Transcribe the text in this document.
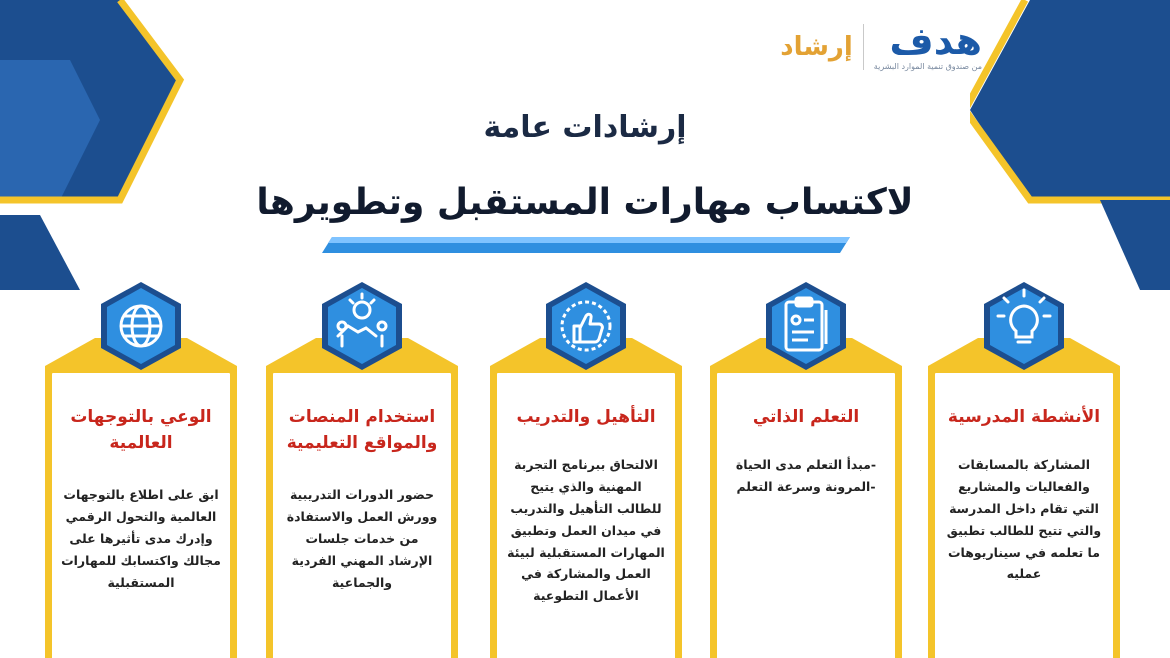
هدف
من صندوق تنمية الموارد البشرية
إرشاد
إرشادات عامة
لاكتساب مهارات المستقبل وتطويرها
الأنشطة المدرسية
المشاركة بالمسابقات والفعاليات والمشاريع التي تقام داخل المدرسة والتي تتيح للطالب تطبيق ما تعلمه في سيناريوهات عمليه
التعلم الذاتي
-مبدأ التعلم مدى الحياة -المرونة وسرعة التعلم
التأهيل والتدريب
الالتحاق ببرنامج التجربة المهنية والذي يتيح للطالب التأهيل والتدريب في ميدان العمل وتطبيق المهارات المستقبلية لبيئة العمل والمشاركة في الأعمال التطوعية
استخدام المنصات والمواقع التعليمية
حضور الدورات التدريبية وورش العمل والاستفادة من خدمات جلسات الإرشاد المهني الفردية والجماعية
الوعي بالتوجهات العالمية
ابق على اطلاع بالتوجهات العالمية والتحول الرقمي وإدرك مدى تأثيرها على مجالك واكتسابك للمهارات المستقبلية
